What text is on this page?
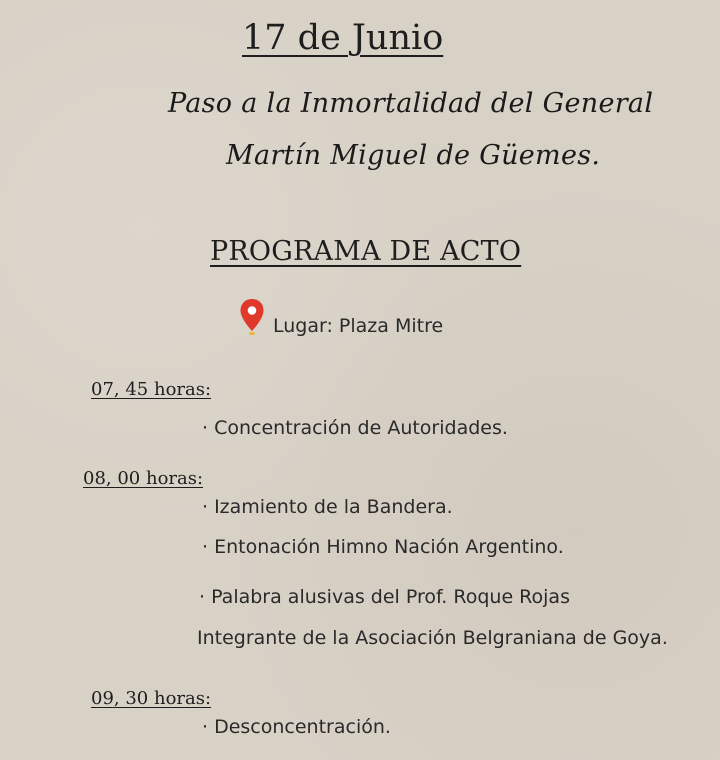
17 de Junio
Paso a la Inmortalidad del General
Martín Miguel de Güemes.
PROGRAMA DE ACTO
Lugar: Plaza Mitre
07, 45 horas:
· Concentración de Autoridades.
08, 00 horas:
· Izamiento de la Bandera.
· Entonación Himno Nación Argentino.
· Palabra alusivas del Prof. Roque Rojas
Integrante de la Asociación Belgraniana de Goya.
09, 30 horas:
· Desconcentración.
